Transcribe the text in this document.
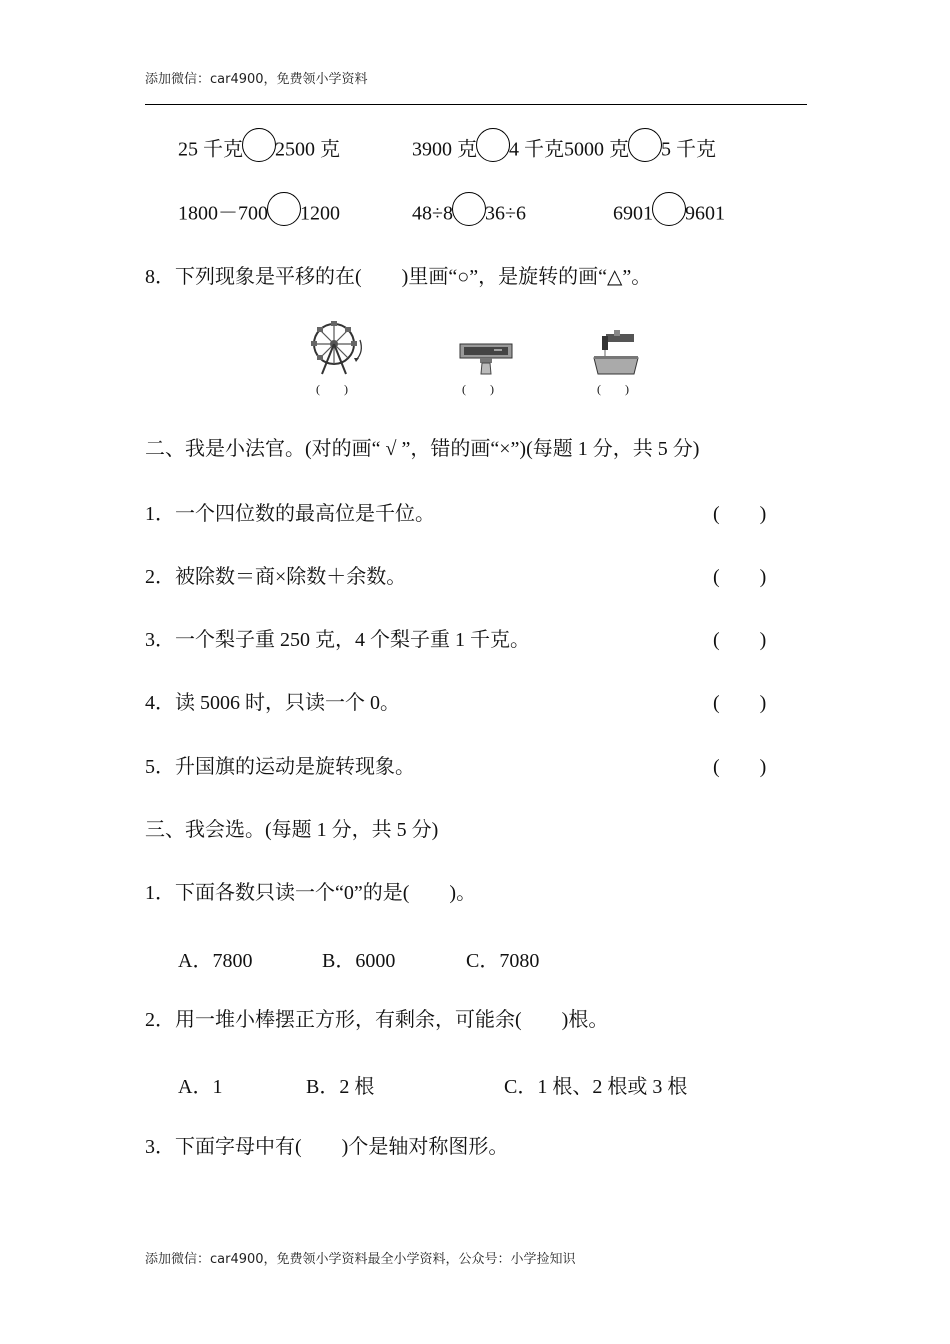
添加微信：car4900，免费领小学资料
25 千克 2500 克	3900 克 4 千克5000 克 5 千克
1800－700 1200	48÷8 36÷6	6901 9601
8．下列现象是平移的在(　　)里画“○”，是旋转的画“△”。
(　　)	(　　)	(　　)
二、我是小法官。(对的画“ √ ”，错的画“×”)(每题 1 分，共 5 分)
1．一个四位数的最高位是千位。	(　　)
2．被除数＝商×除数＋余数。	(　　)
3．一个梨子重 250 克，4 个梨子重 1 千克。	(　　)
4．读 5006 时，只读一个 0。	(　　)
5．升国旗的运动是旋转现象。	(　　)
三、我会选。(每题 1 分，共 5 分)
1．下面各数只读一个“0”的是(　　)。
A．7800	B．6000	C．7080
2．用一堆小棒摆正方形，有剩余，可能余(　　)根。
A．1	B．2 根	C．1 根、2 根或 3 根
3．下面字母中有(　　)个是轴对称图形。
添加微信：car4900，免费领小学资料最全小学资料，公众号：小学捡知识
